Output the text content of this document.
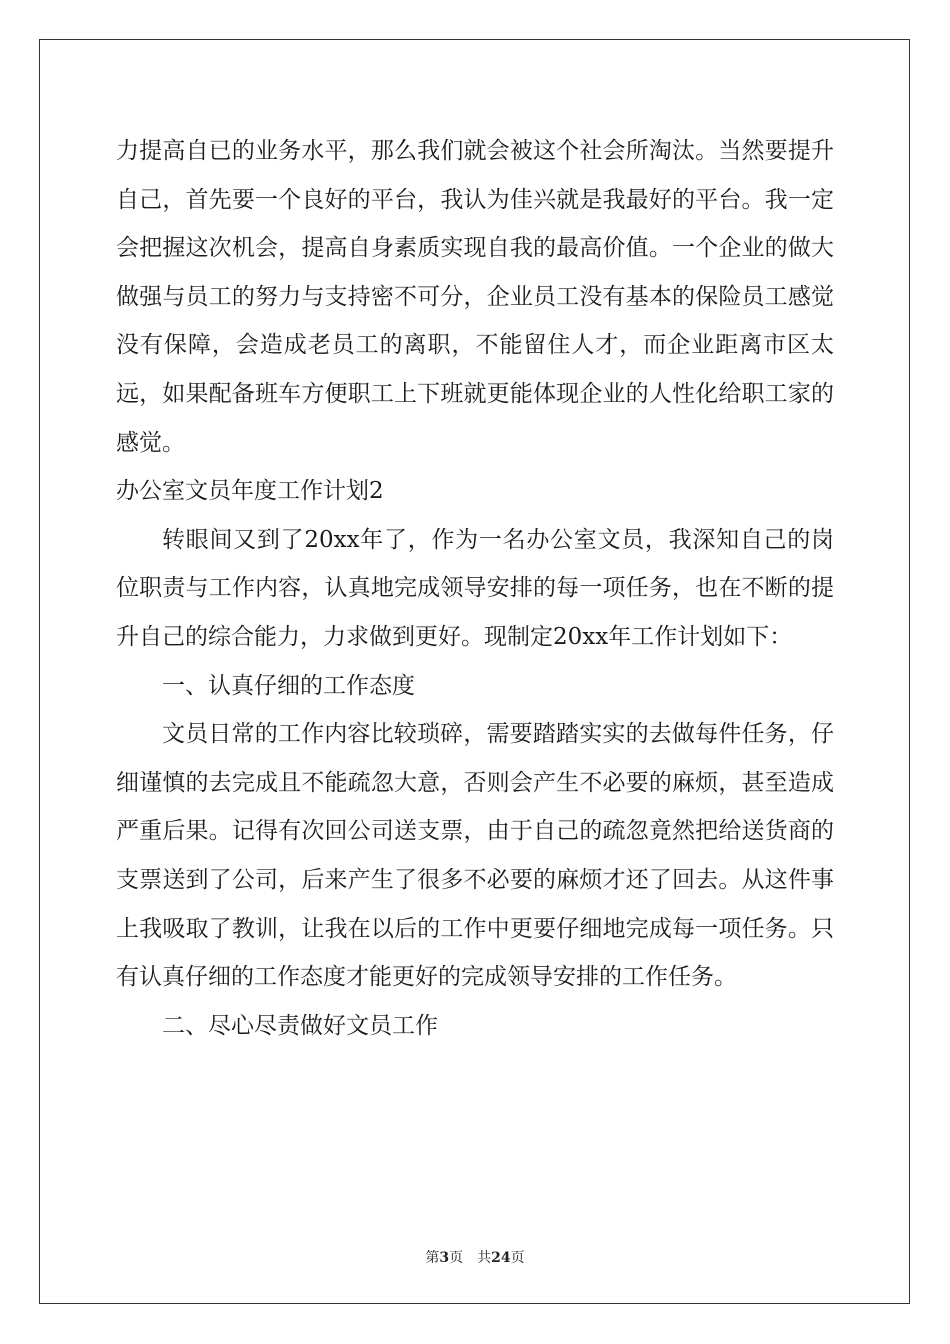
力提高自已的业务水平，那么我们就会被这个社会所淘汰。当然要提升自己，首先要一个良好的平台，我认为佳兴就是我最好的平台。我一定会把握这次机会，提高自身素质实现自我的最高价值。一个企业的做大做强与员工的努力与支持密不可分，企业员工没有基本的保险员工感觉没有保障，会造成老员工的离职，不能留住人才，而企业距离市区太远，如果配备班车方便职工上下班就更能体现企业的人性化给职工家的感觉。

办公室文员年度工作计划2

转眼间又到了20xx年了，作为一名办公室文员，我深知自己的岗位职责与工作内容，认真地完成领导安排的每一项任务，也在不断的提升自己的综合能力，力求做到更好。现制定20xx年工作计划如下：

一、认真仔细的工作态度

文员日常的工作内容比较琐碎，需要踏踏实实的去做每件任务，仔细谨慎的去完成且不能疏忽大意，否则会产生不必要的麻烦，甚至造成严重后果。记得有次回公司送支票，由于自己的疏忽竟然把给送货商的支票送到了公司，后来产生了很多不必要的麻烦才还了回去。从这件事上我吸取了教训，让我在以后的工作中更要仔细地完成每一项任务。只有认真仔细的工作态度才能更好的完成领导安排的工作任务。

二、尽心尽责做好文员工作

第3页 共24页
